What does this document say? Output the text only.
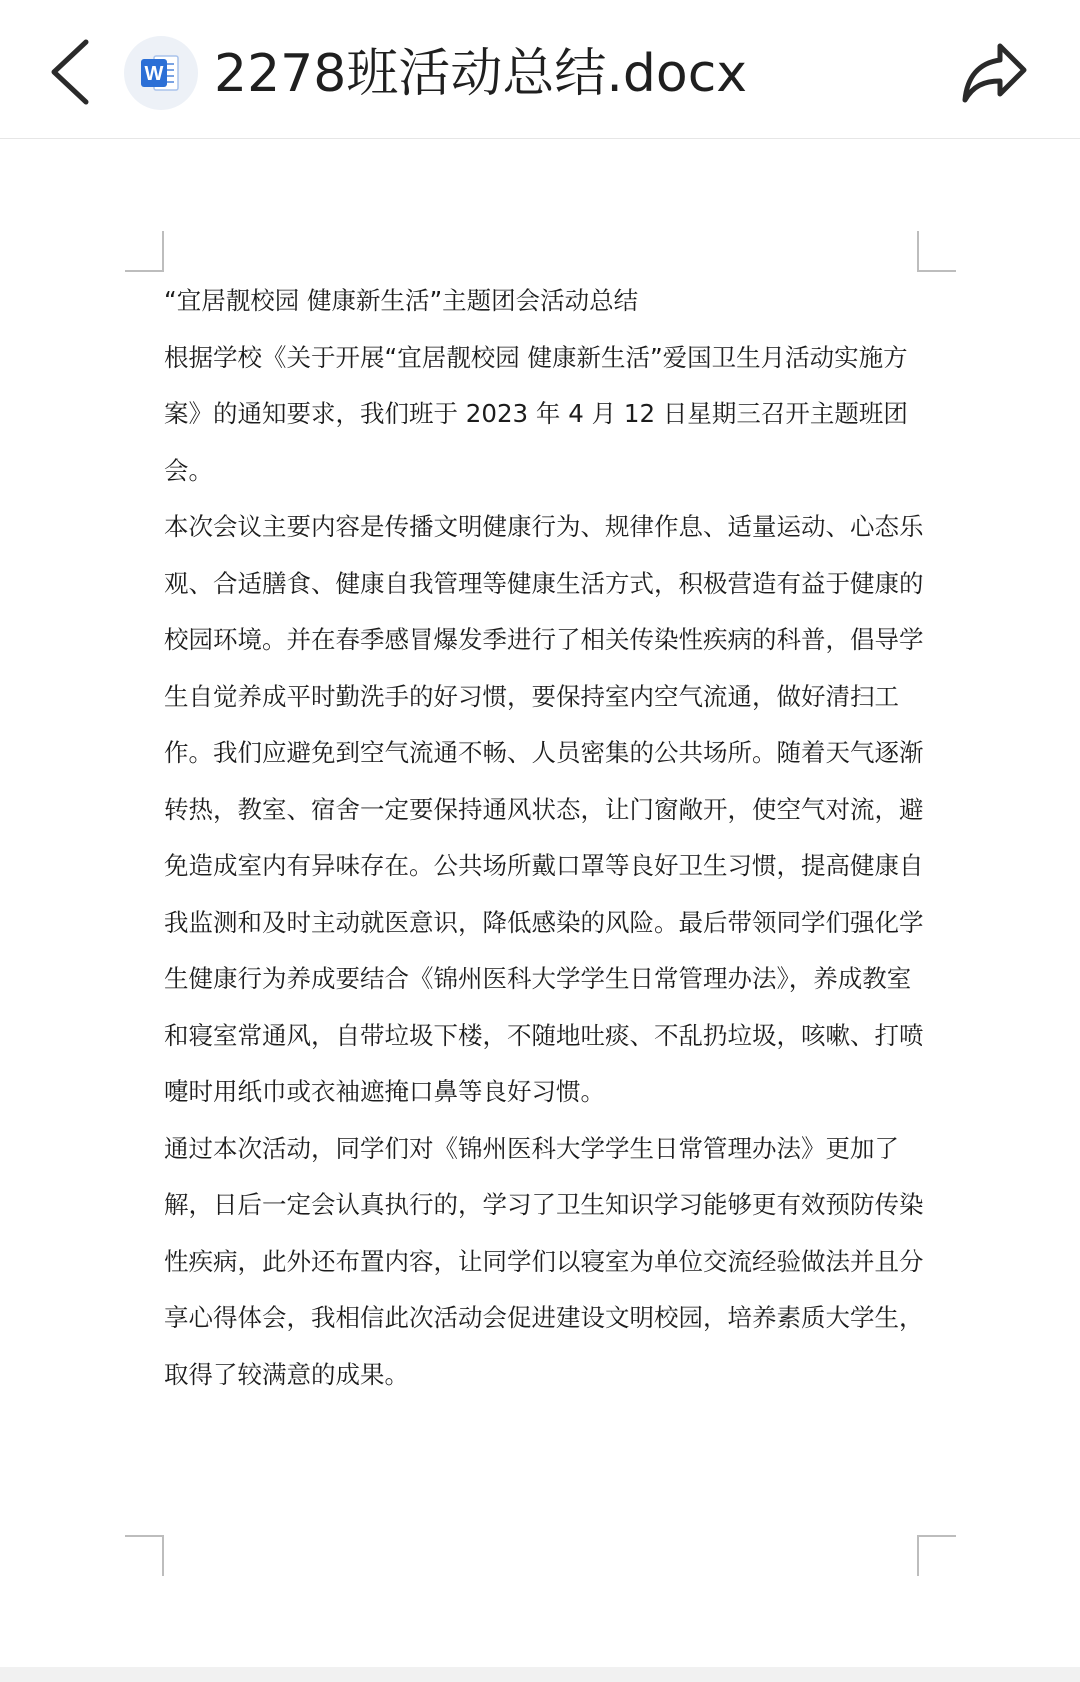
W 2278班活动总结.docx

“宜居靓校园 健康新生活”主题团会活动总结

根据学校《关于开展“宜居靓校园 健康新生活”爱国卫生月活动实施方案》的通知要求，我们班于 2023 年 4 月 12 日星期三召开主题班团会。

本次会议主要内容是传播文明健康行为、规律作息、适量运动、心态乐观、合适膳食、健康自我管理等健康生活方式，积极营造有益于健康的校园环境。并在春季感冒爆发季进行了相关传染性疾病的科普，倡导学生自觉养成平时勤洗手的好习惯，要保持室内空气流通，做好清扫工作。我们应避免到空气流通不畅、人员密集的公共场所。随着天气逐渐转热，教室、宿舍一定要保持通风状态，让门窗敞开，使空气对流，避免造成室内有异味存在。公共场所戴口罩等良好卫生习惯，提高健康自我监测和及时主动就医意识，降低感染的风险。最后带领同学们强化学生健康行为养成要结合《锦州医科大学学生日常管理办法》，养成教室和寝室常通风，自带垃圾下楼，不随地吐痰、不乱扔垃圾，咳嗽、打喷嚏时用纸巾或衣袖遮掩口鼻等良好习惯。

通过本次活动，同学们对《锦州医科大学学生日常管理办法》更加了解，日后一定会认真执行的，学习了卫生知识学习能够更有效预防传染性疾病，此外还布置内容，让同学们以寝室为单位交流经验做法并且分享心得体会，我相信此次活动会促进建设文明校园，培养素质大学生，取得了较满意的成果。
